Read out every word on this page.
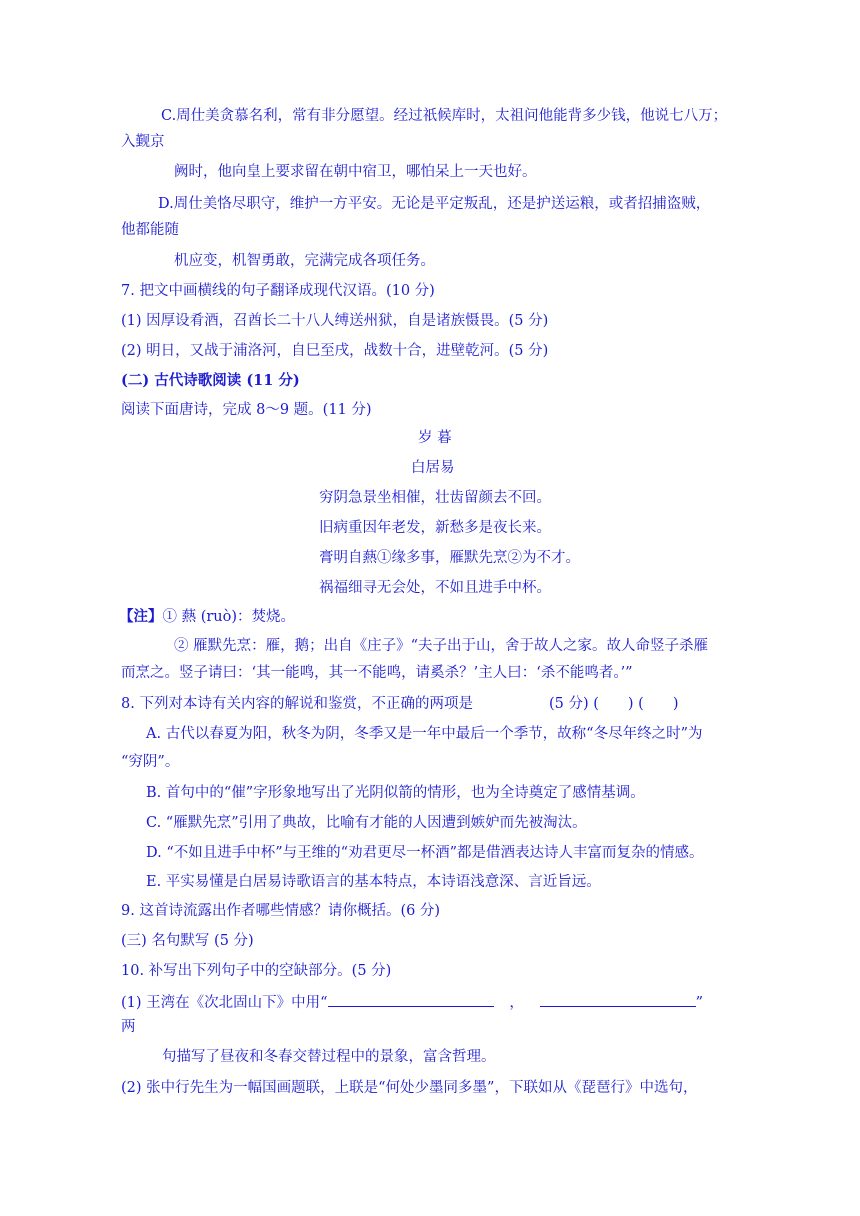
C.周仕美贪慕名利，常有非分愿望。经过祇候库时，太祖问他能背多少钱，他说七八万；
入觐京
阙时，他向皇上要求留在朝中宿卫，哪怕呆上一天也好。
D.周仕美恪尽职守，维护一方平安。无论是平定叛乱，还是护送运粮，或者招捕盗贼，
他都能随
机应变，机智勇敢，完满完成各项任务。
7. 把文中画横线的句子翻译成现代汉语。(10 分)
(1) 因厚设肴酒，召酋长二十八人缚送州狱，自是诸族慑畏。(5 分)
(2) 明日，又战于浦洛河，自巳至戌，战数十合，进壁乾河。(5 分)
(二) 古代诗歌阅读 (11 分)
阅读下面唐诗，完成 8～9 题。(11 分)
岁 暮
白居易
穷阴急景坐相催，壮齿留颜去不回。
旧病重因年老发，新愁多是夜长来。
膏明自爇①缘多事，雁默先烹②为不才。
祸福细寻无会处，不如且进手中杯。
【注】① 爇 (ruò)：焚烧。
② 雁默先烹：雁，鹅；出自《庄子》“夫子出于山，舍于故人之家。故人命竖子杀雁
而烹之。竖子请曰：‘其一能鸣，其一不能鸣，请奚杀？’主人曰：‘杀不能鸣者。’”
8. 下列对本诗有关内容的解说和鉴赏，不正确的两项是	(5 分) (　　) (　　)
A. 古代以春夏为阳，秋冬为阴，冬季又是一年中最后一个季节，故称“冬尽年终之时”为
“穷阴”。
B. 首句中的“催”字形象地写出了光阴似箭的情形，也为全诗奠定了感情基调。
C. “雁默先烹”引用了典故，比喻有才能的人因遭到嫉妒而先被淘汰。
D. “不如且进手中杯”与王维的“劝君更尽一杯酒”都是借酒表达诗人丰富而复杂的情感。
E. 平实易懂是白居易诗歌语言的基本特点，本诗语浅意深、言近旨远。
9. 这首诗流露出作者哪些情感？请你概括。(6 分)
(三) 名句默写 (5 分)
10. 补写出下列句子中的空缺部分。(5 分)
(1) 王湾在《次北固山下》中用“	，	”
两
句描写了昼夜和冬春交替过程中的景象，富含哲理。
(2) 张中行先生为一幅国画题联，上联是“何处少墨同多墨”，下联如从《琵琶行》中选句，
